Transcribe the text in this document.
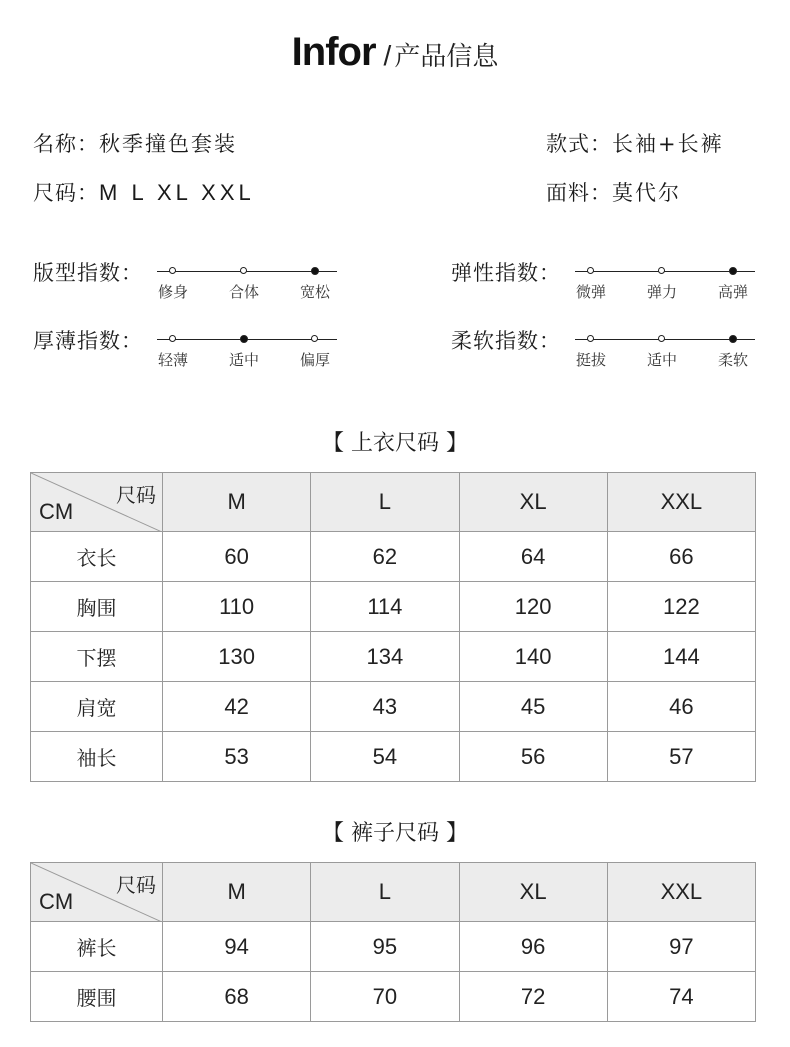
Infor / 产品信息
名称：秋季撞色套装	款式：长袖+长裤
尺码：M L XL XXL	面料：莫代尔
版型指数：
修身	合体	宽松
弹性指数：
微弹	弹力	高弹
厚薄指数：
轻薄	适中	偏厚
柔软指数：
挺拔	适中	柔软
【 上衣尺码 】
尺码
CM	M	L	XL	XXL
衣长	60	62	64	66
胸围	110	114	120	122
下摆	130	134	140	144
肩宽	42	43	45	46
袖长	53	54	56	57
【 裤子尺码 】
尺码
CM	M	L	XL	XXL
裤长	94	95	96	97
腰围	68	70	72	74
